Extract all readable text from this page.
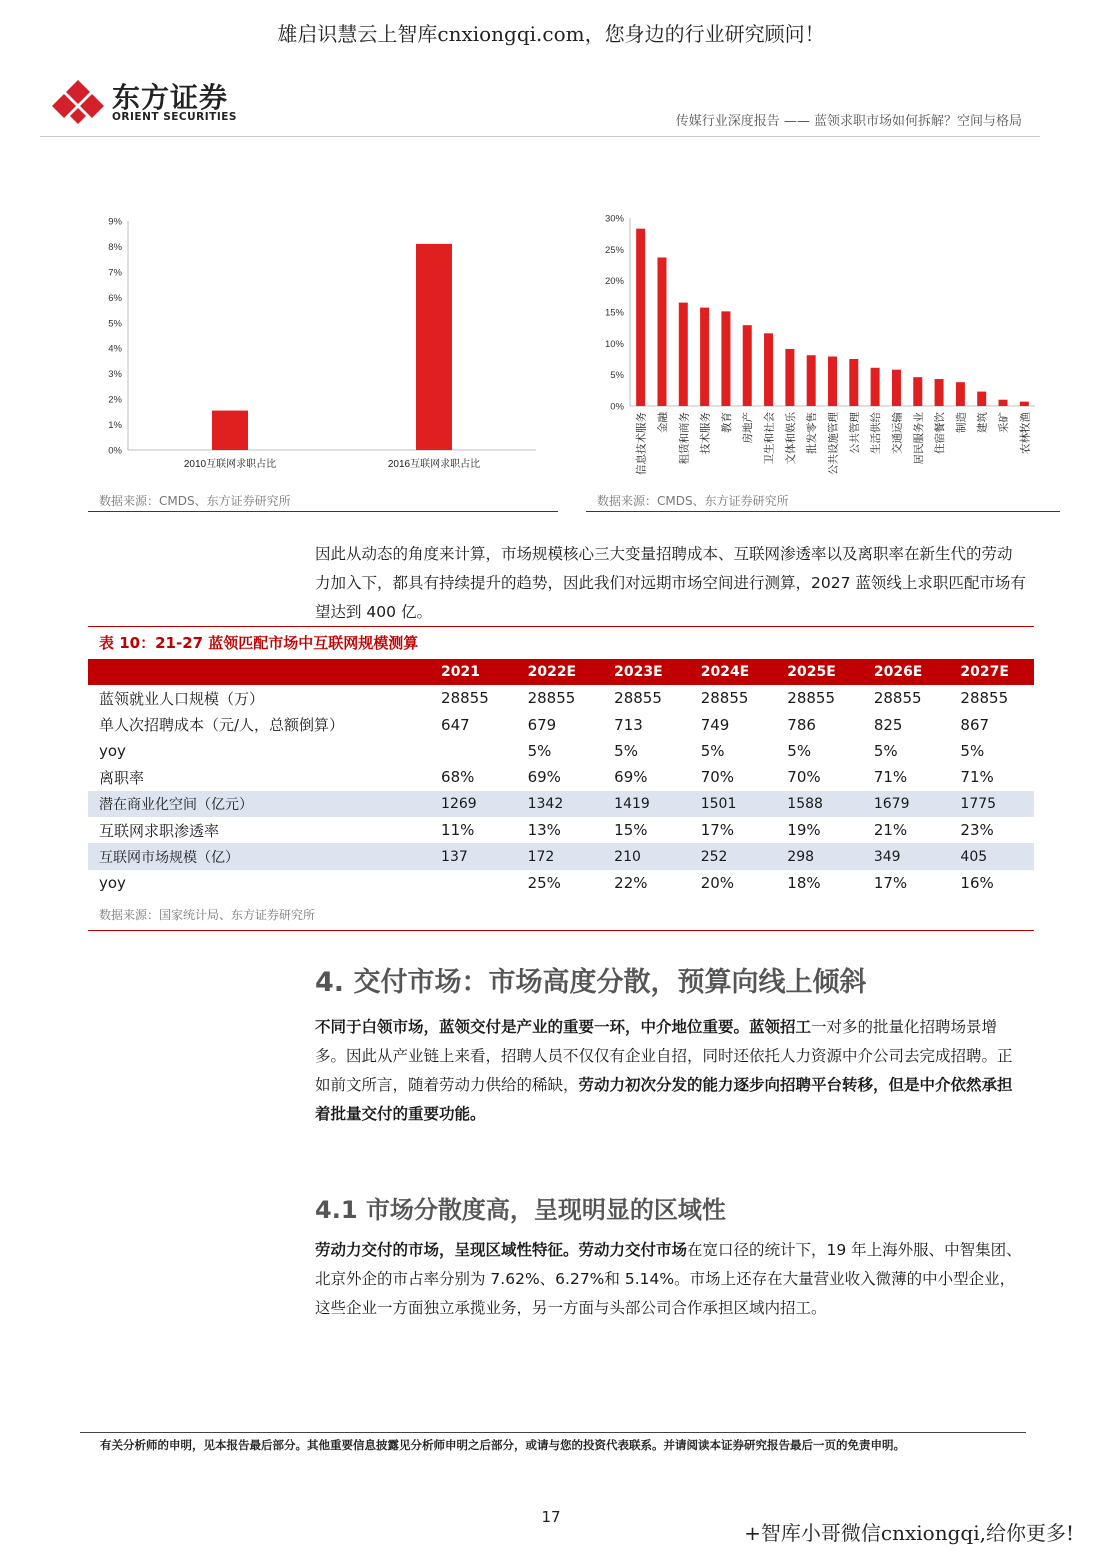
雄启识慧云上智库cnxiongqi.com，您身边的行业研究顾问！
东方证券
ORIENT SECURITIES	传媒行业深度报告 —— 蓝领求职市场如何拆解？空间与格局
0%
1%
2%
3%
4%
5%
6%
7%
8%
9%
2010互联网求职占比	2016互联网求职占比
数据来源：CMDS、东方证券研究所
0%
5%
10%
15%
20%
25%
30%
信息技术服务 金融 租赁和商务 技术服务 教育 房地产 卫生和社会 文体和娱乐 批发零售 公共设施管理 公共管理 生活供给 交通运输 居民服务业 住宿餐饮 制造 建筑 采矿 农林牧渔
数据来源：CMDS、东方证券研究所
因此从动态的角度来计算，市场规模核心三大变量招聘成本、互联网渗透率以及离职率在新生代的劳动力加入下，都具有持续提升的趋势，因此我们对远期市场空间进行测算，2027 蓝领线上求职匹配市场有望达到 400 亿。
表 10：21-27 蓝领匹配市场中互联网规模测算
	2021	2022E	2023E	2024E	2025E	2026E	2027E
蓝领就业人口规模（万）	28855	28855	28855	28855	28855	28855	28855
单人次招聘成本（元/人，总额倒算）	647	679	713	749	786	825	867
yoy		5%	5%	5%	5%	5%	5%
离职率	68%	69%	69%	70%	70%	71%	71%
潜在商业化空间（亿元）	1269	1342	1419	1501	1588	1679	1775
互联网求职渗透率	11%	13%	15%	17%	19%	21%	23%
互联网市场规模（亿）	137	172	210	252	298	349	405
yoy		25%	22%	20%	18%	17%	16%
数据来源：国家统计局、东方证券研究所
4. 交付市场：市场高度分散，预算向线上倾斜
不同于白领市场，蓝领交付是产业的重要一环，中介地位重要。蓝领招工一对多的批量化招聘场景增多。因此从产业链上来看，招聘人员不仅仅有企业自招，同时还依托人力资源中介公司去完成招聘。正如前文所言，随着劳动力供给的稀缺，劳动力初次分发的能力逐步向招聘平台转移，但是中介依然承担着批量交付的重要功能。
4.1 市场分散度高，呈现明显的区域性
劳动力交付的市场，呈现区域性特征。劳动力交付市场在宽口径的统计下，19 年上海外服、中智集团、北京外企的市占率分别为 7.62%、6.27%和 5.14%。市场上还存在大量营业收入微薄的中小型企业，这些企业一方面独立承揽业务，另一方面与头部公司合作承担区域内招工。
有关分析师的申明，见本报告最后部分。其他重要信息披露见分析师申明之后部分，或请与您的投资代表联系。并请阅读本证券研究报告最后一页的免责申明。
17
+智库小哥微信cnxiongqi,给你更多!
